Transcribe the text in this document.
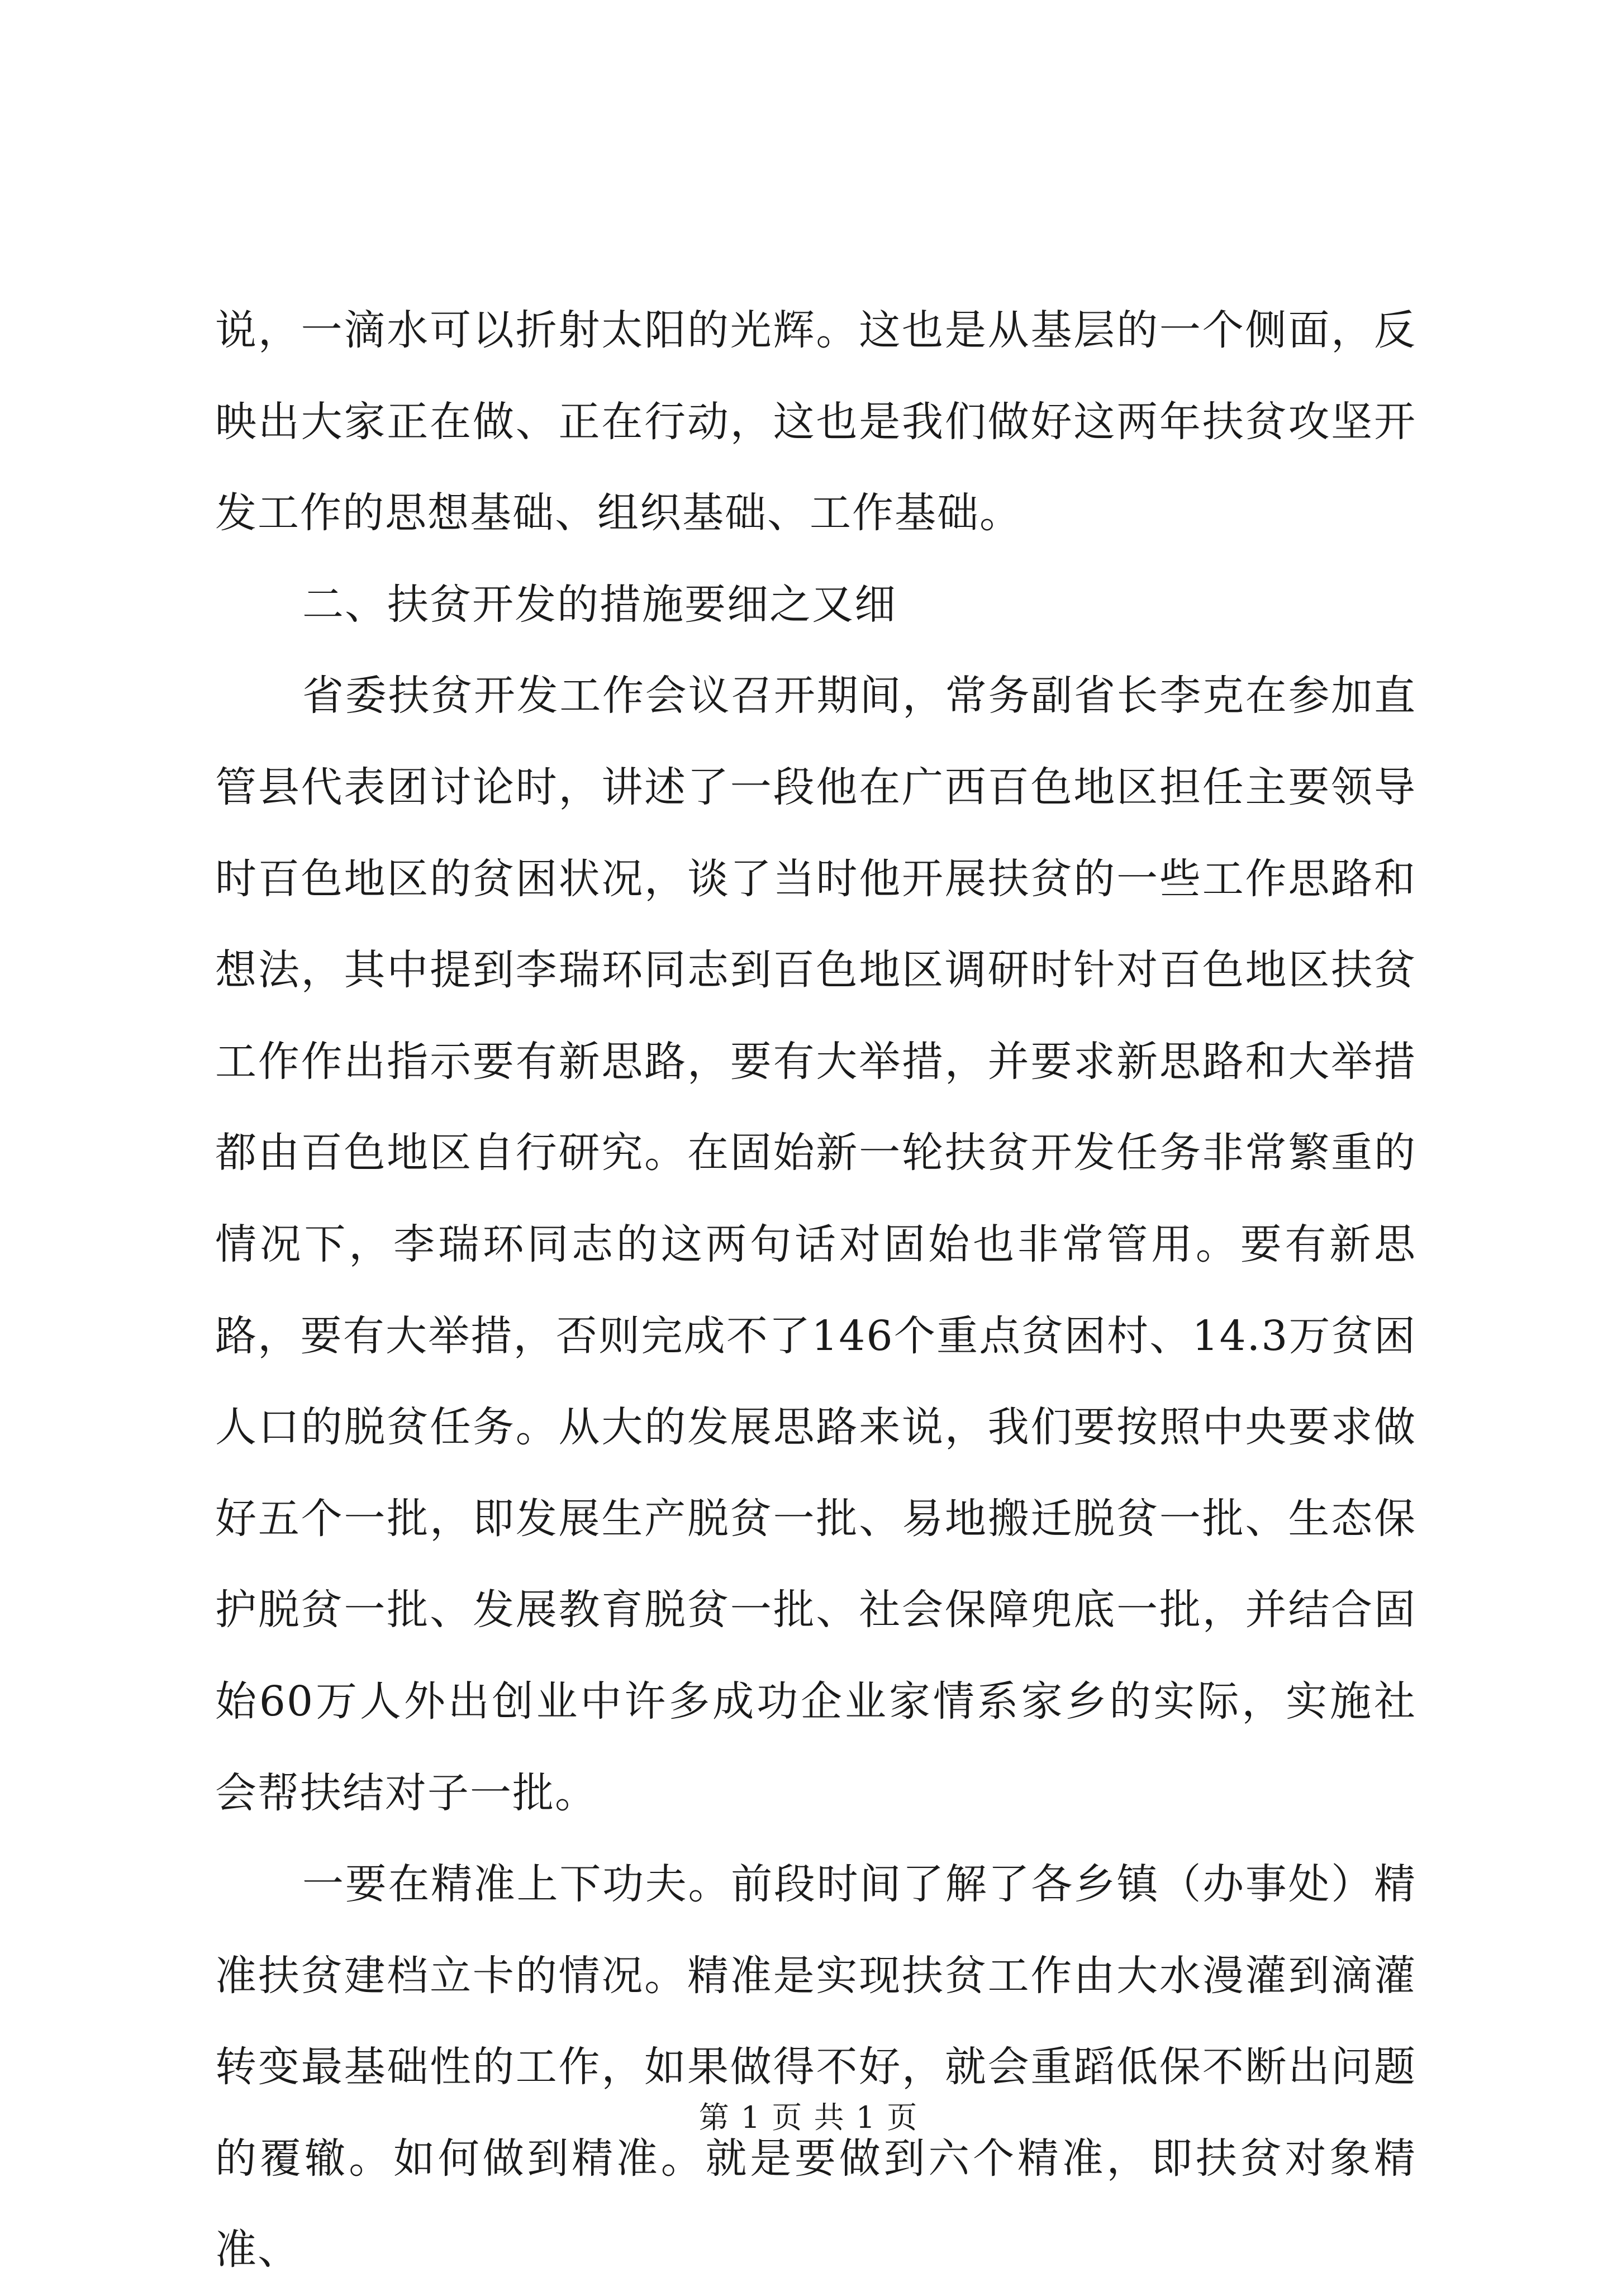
说，一滴水可以折射太阳的光辉。这也是从基层的一个侧面，反映出大家正在做、正在行动，这也是我们做好这两年扶贫攻坚开发工作的思想基础、组织基础、工作基础。

二、扶贫开发的措施要细之又细

省委扶贫开发工作会议召开期间，常务副省长李克在参加直管县代表团讨论时，讲述了一段他在广西百色地区担任主要领导时百色地区的贫困状况，谈了当时他开展扶贫的一些工作思路和想法，其中提到李瑞环同志到百色地区调研时针对百色地区扶贫工作作出指示要有新思路，要有大举措，并要求新思路和大举措都由百色地区自行研究。在固始新一轮扶贫开发任务非常繁重的情况下，李瑞环同志的这两句话对固始也非常管用。要有新思路，要有大举措，否则完成不了146个重点贫困村、14.3万贫困人口的脱贫任务。从大的发展思路来说，我们要按照中央要求做好五个一批，即发展生产脱贫一批、易地搬迁脱贫一批、生态保护脱贫一批、发展教育脱贫一批、社会保障兜底一批，并结合固始60万人外出创业中许多成功企业家情系家乡的实际，实施社会帮扶结对子一批。

一要在精准上下功夫。前段时间了解了各乡镇（办事处）精准扶贫建档立卡的情况。精准是实现扶贫工作由大水漫灌到滴灌转变最基础性的工作，如果做得不好，就会重蹈低保不断出问题的覆辙。如何做到精准。就是要做到六个精准，即扶贫对象精准、

第 1 页 共 1 页
